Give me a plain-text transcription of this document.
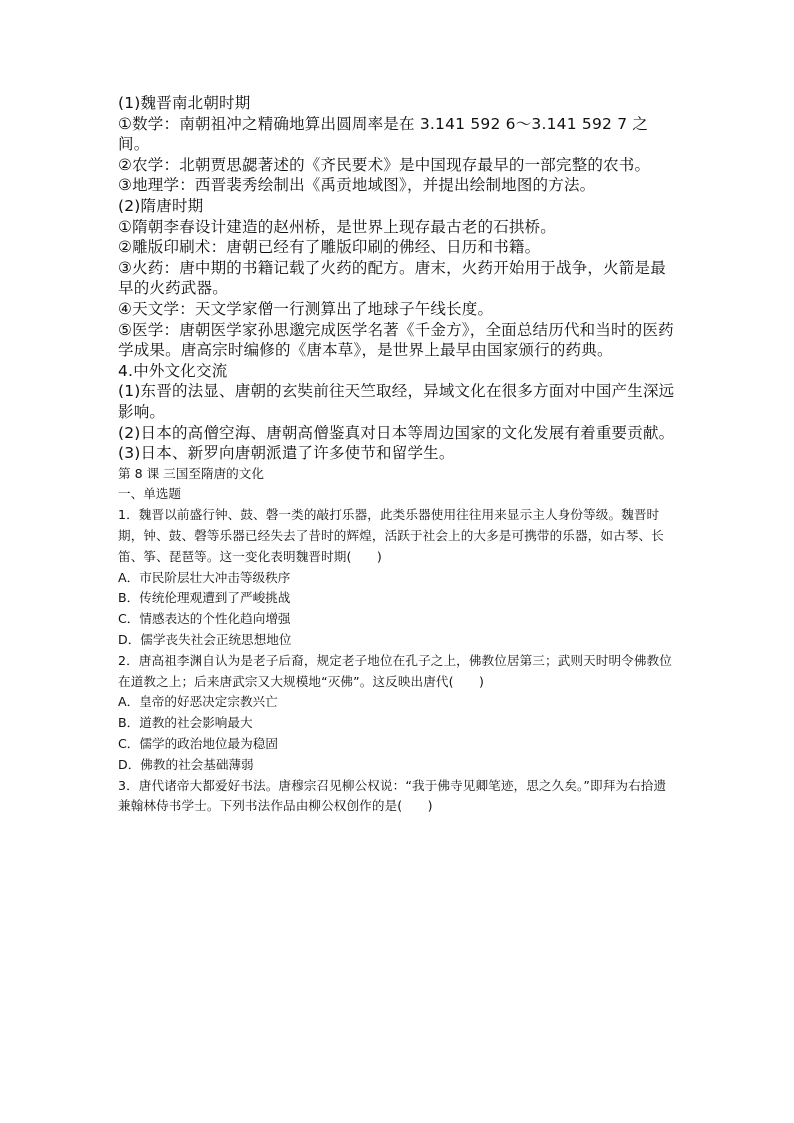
(1)魏晋南北朝时期

①数学：南朝祖冲之精确地算出圆周率是在 3.141 592 6～3.141 592 7 之间。

②农学：北朝贾思勰著述的《齐民要术》是中国现存最早的一部完整的农书。

③地理学：西晋裴秀绘制出《禹贡地域图》，并提出绘制地图的方法。

(2)隋唐时期

①隋朝李春设计建造的赵州桥，是世界上现存最古老的石拱桥。

②雕版印刷术：唐朝已经有了雕版印刷的佛经、日历和书籍。

③火药：唐中期的书籍记载了火药的配方。唐末，火药开始用于战争，火箭是最早的火药武器。

④天文学：天文学家僧一行测算出了地球子午线长度。

⑤医学：唐朝医学家孙思邈完成医学名著《千金方》，全面总结历代和当时的医药学成果。唐高宗时编修的《唐本草》，是世界上最早由国家颁行的药典。

4.中外文化交流

(1)东晋的法显、唐朝的玄奘前往天竺取经，异域文化在很多方面对中国产生深远影响。

(2)日本的高僧空海、唐朝高僧鉴真对日本等周边国家的文化发展有着重要贡献。

(3)日本、新罗向唐朝派遣了许多使节和留学生。

第 8 课 三国至隋唐的文化

一、单选题

1．魏晋以前盛行钟、鼓、磬一类的敲打乐器，此类乐器使用往往用来显示主人身份等级。魏晋时期，钟、鼓、磬等乐器已经失去了昔时的辉煌，活跃于社会上的大多是可携带的乐器，如古琴、长笛、筝、琵琶等。这一变化表明魏晋时期(　　)

A．市民阶层壮大冲击等级秩序

B．传统伦理观遭到了严峻挑战

C．情感表达的个性化趋向增强

D．儒学丧失社会正统思想地位

2．唐高祖李渊自认为是老子后裔，规定老子地位在孔子之上，佛教位居第三；武则天时明令佛教位在道教之上；后来唐武宗又大规模地“灭佛”。这反映出唐代(　　)

A．皇帝的好恶决定宗教兴亡

B．道教的社会影响最大

C．儒学的政治地位最为稳固

D．佛教的社会基础薄弱

3．唐代诸帝大都爱好书法。唐穆宗召见柳公权说：“我于佛寺见卿笔迹，思之久矣。”即拜为右拾遗兼翰林侍书学士。下列书法作品由柳公权创作的是(　　)
